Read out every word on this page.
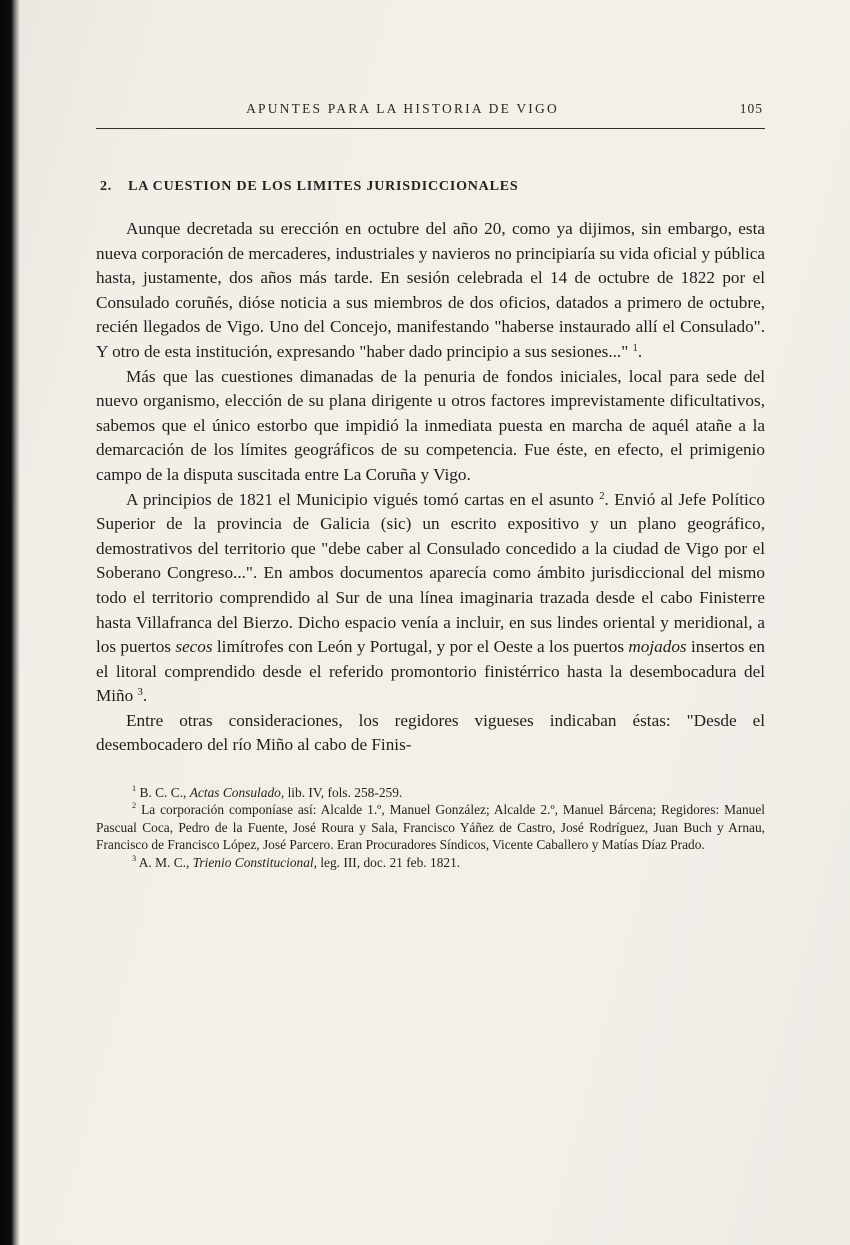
APUNTES PARA LA HISTORIA DE VIGO	105
2. LA CUESTION DE LOS LIMITES JURISDICCIONALES

Aunque decretada su erección en octubre del año 20, como ya dijimos, sin embargo, esta nueva corporación de mercaderes, industriales y navieros no principiaría su vida oficial y pública hasta, justamente, dos años más tarde. En sesión celebrada el 14 de octubre de 1822 por el Consulado coruñés, dióse noticia a sus miembros de dos oficios, datados a primero de octubre, recién llegados de Vigo. Uno del Concejo, manifestando "haberse instaurado allí el Consulado". Y otro de esta institución, expresando "haber dado principio a sus sesiones..." $^1$.

Más que las cuestiones dimanadas de la penuria de fondos iniciales, local para sede del nuevo organismo, elección de su plana dirigente u otros factores imprevistamente dificultativos, sabemos que el único estorbo que impidió la inmediata puesta en marcha de aquél atañe a la demarcación de los límites geográficos de su competencia. Fue éste, en efecto, el primigenio campo de la disputa suscitada entre La Coruña y Vigo.

A principios de 1821 el Municipio vigués tomó cartas en el asunto $^2$. Envió al Jefe Político Superior de la provincia de Galicia (sic) un escrito expositivo y un plano geográfico, demostrativos del territorio que "debe caber al Consulado concedido a la ciudad de Vigo por el Soberano Congreso...". En ambos documentos aparecía como ámbito jurisdiccional del mismo todo el territorio comprendido al Sur de una línea imaginaria trazada desde el cabo Finisterre hasta Villafranca del Bierzo. Dicho espacio venía a incluir, en sus lindes oriental y meridional, a los puertos secos limítrofes con León y Portugal, y por el Oeste a los puertos mojados insertos en el litoral comprendido desde el referido promontorio finistérrico hasta la desembocadura del Miño $^3$.

Entre otras consideraciones, los regidores vigueses indicaban éstas: "Desde el desembocadero del río Miño al cabo de Finis-

$^1$ B. C. C., Actas Consulado, lib. IV, fols. 258-259.

$^2$ La corporación componíase así: Alcalde 1.º, Manuel González; Alcalde 2.º, Manuel Bárcena; Regidores: Manuel Pascual Coca, Pedro de la Fuente, José Roura y Sala, Francisco Yáñez de Castro, José Rodríguez, Juan Buch y Arnau, Francisco de Francisco López, José Parcero. Eran Procuradores Síndicos, Vicente Caballero y Matías Díaz Prado.

$^3$ A. M. C., Trienio Constitucional, leg. III, doc. 21 feb. 1821.
